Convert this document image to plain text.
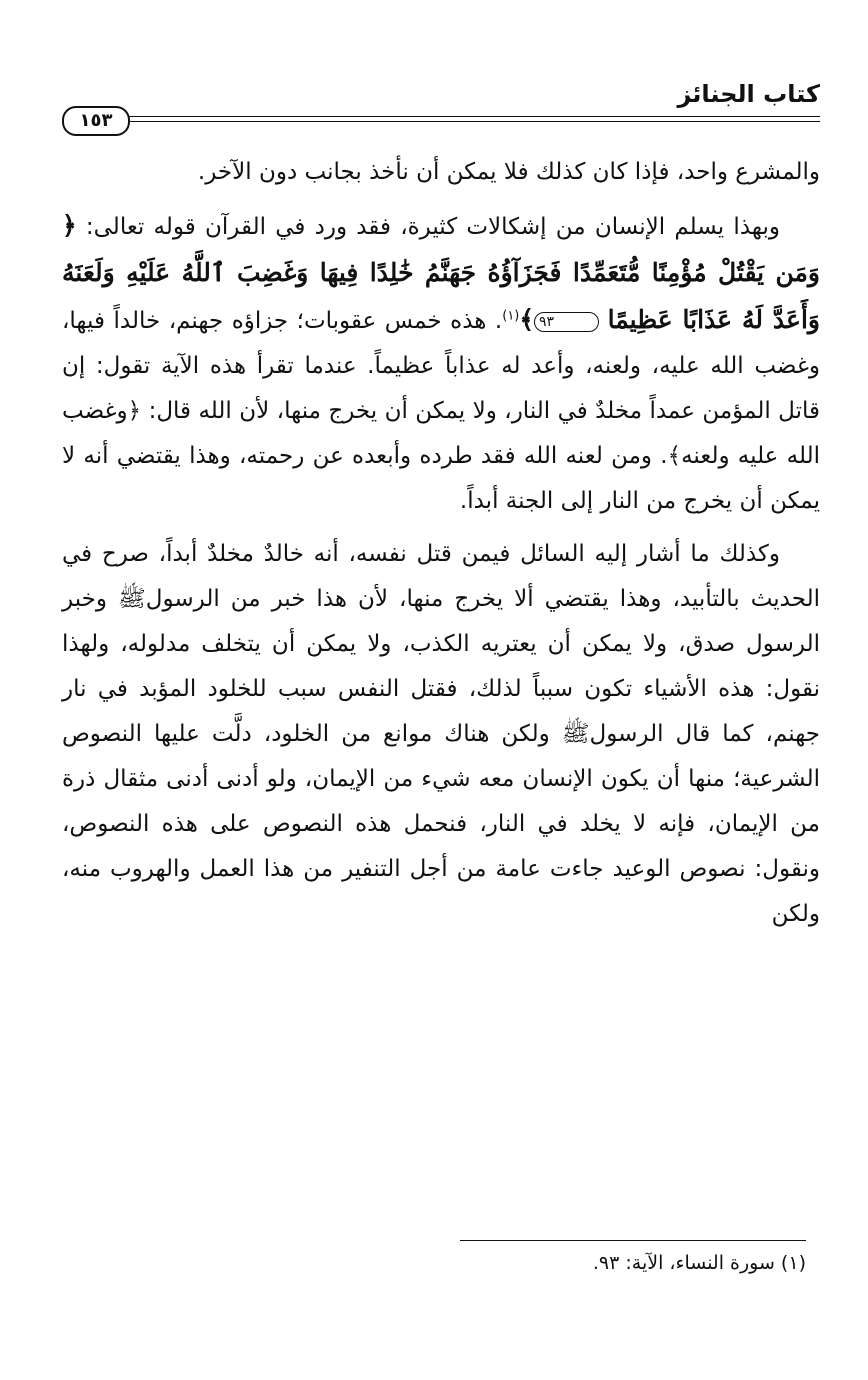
كتاب الجنائز
١٥٣

والمشرع واحد، فإذا كان كذلك فلا يمكن أن نأخذ بجانب دون الآخر.

وبهذا يسلم الإنسان من إشكالات كثيرة، فقد ورد في القرآن قوله تعالى: ﴿ وَمَن يَقْتُلْ مُؤْمِنًا مُّتَعَمِّدًا فَجَزَآؤُهُ جَهَنَّمُ خَٰلِدًا فِيهَا وَغَضِبَ ٱللَّهُ عَلَيْهِ وَلَعَنَهُ وَأَعَدَّ لَهُ عَذَابًا عَظِيمًا ٩٣﴾$^{(١)}$. هذه خمس عقوبات؛ جزاؤه جهنم، خالداً فيها، وغضب الله عليه، ولعنه، وأعد له عذاباً عظيماً. عندما تقرأ هذه الآية تقول: إن قاتل المؤمن عمداً مخلدٌ في النار، ولا يمكن أن يخرج منها، لأن الله قال: ﴿وغضب الله عليه ولعنه﴾. ومن لعنه الله فقد طرده وأبعده عن رحمته، وهذا يقتضي أنه لا يمكن أن يخرج من النار إلى الجنة أبداً.

وكذلك ما أشار إليه السائل فيمن قتل نفسه، أنه خالدٌ مخلدٌ أبداً، صرح في الحديث بالتأبيد، وهذا يقتضي ألا يخرج منها، لأن هذا خبر من الرسولﷺ وخبر الرسول صدق، ولا يمكن أن يعتريه الكذب، ولا يمكن أن يتخلف مدلوله، ولهذا نقول: هذه الأشياء تكون سبباً لذلك، فقتل النفس سبب للخلود المؤبد في نار جهنم، كما قال الرسولﷺ ولكن هناك موانع من الخلود، دلَّت عليها النصوص الشرعية؛ منها أن يكون الإنسان معه شيء من الإيمان، ولو أدنى أدنى مثقال ذرة من الإيمان، فإنه لا يخلد في النار، فنحمل هذه النصوص على هذه النصوص، ونقول: نصوص الوعيد جاءت عامة من أجل التنفير من هذا العمل والهروب منه، ولكن

(١) سورة النساء، الآية: ٩٣.
